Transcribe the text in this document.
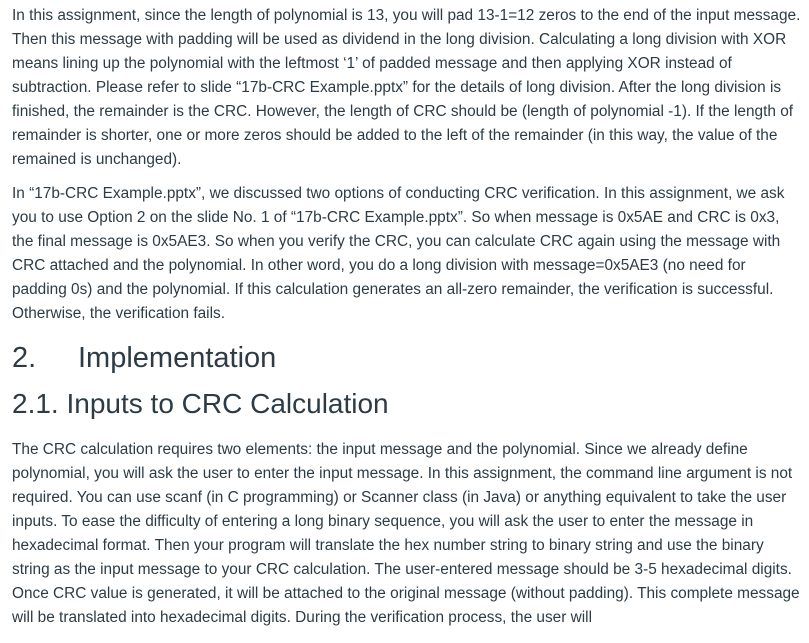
In this assignment, since the length of polynomial is 13, you will pad 13-1=12 zeros to the end of the input message. Then this message with padding will be used as dividend in the long division. Calculating a long division with XOR means lining up the polynomial with the leftmost ‘1’ of padded message and then applying XOR instead of subtraction. Please refer to slide “17b-CRC Example.pptx” for the details of long division. After the long division is finished, the remainder is the CRC. However, the length of CRC should be (length of polynomial -1). If the length of remainder is shorter, one or more zeros should be added to the left of the remainder (in this way, the value of the remained is unchanged).

In “17b-CRC Example.pptx”, we discussed two options of conducting CRC verification. In this assignment, we ask you to use Option 2 on the slide No. 1 of “17b-CRC Example.pptx”. So when message is 0x5AE and CRC is 0x3, the final message is 0x5AE3. So when you verify the CRC, you can calculate CRC again using the message with CRC attached and the polynomial. In other word, you do a long division with message=0x5AE3 (no need for padding 0s) and the polynomial. If this calculation generates an all-zero remainder, the verification is successful. Otherwise, the verification fails.

2. Implementation
2.1. Inputs to CRC Calculation

The CRC calculation requires two elements: the input message and the polynomial. Since we already define polynomial, you will ask the user to enter the input message. In this assignment, the command line argument is not required. You can use scanf (in C programming) or Scanner class (in Java) or anything equivalent to take the user inputs. To ease the difficulty of entering a long binary sequence, you will ask the user to enter the message in hexadecimal format. Then your program will translate the hex number string to binary string and use the binary string as the input message to your CRC calculation. The user-entered message should be 3-5 hexadecimal digits. Once CRC value is generated, it will be attached to the original message (without padding). This complete message will be translated into hexadecimal digits. During the verification process, the user will
